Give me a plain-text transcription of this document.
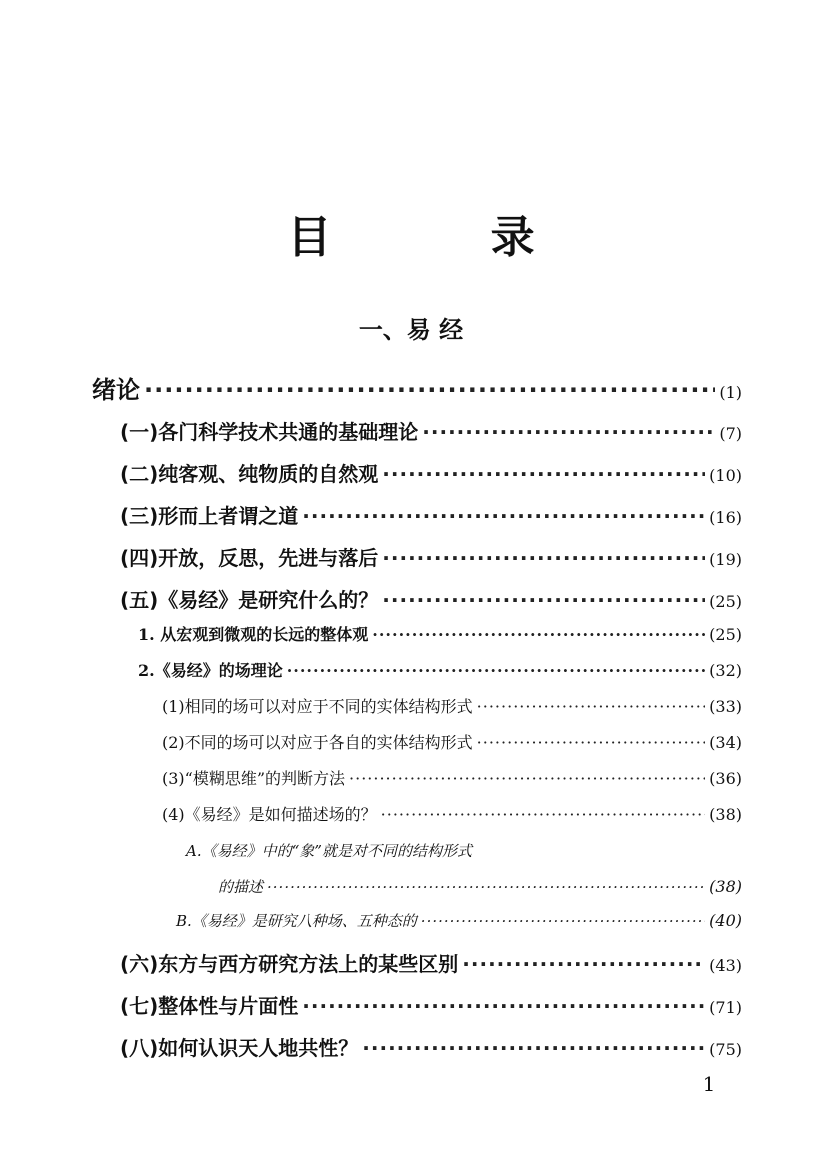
目 录
一、易 经
绪论 ·····	(1)
(一)各门科学技术共通的基础理论 ·····	(7)
(二)纯客观、纯物质的自然观 ·····	(10)
(三)形而上者谓之道 ·····	(16)
(四)开放，反思，先进与落后 ·····	(19)
(五)《易经》是研究什么的？ ·····	(25)
1. 从宏观到微观的长远的整体观 ·····	(25)
2.《易经》的场理论 ·····	(32)
(1)相同的场可以对应于不同的实体结构形式 ·····	(33)
(2)不同的场可以对应于各自的实体结构形式 ·····	(34)
(3)“模糊思维”的判断方法 ·····	(36)
(4)《易经》是如何描述场的？ ·····	(38)
A.《易经》中的“象”就是对不同的结构形式
的描述 ·····	(38)
B.《易经》是研究八种场、五种态的 ·····	(40)
(六)东方与西方研究方法上的某些区别 ·····	(43)
(七)整体性与片面性 ·····	(71)
(八)如何认识天人地共性？ ·····	(75)
1
